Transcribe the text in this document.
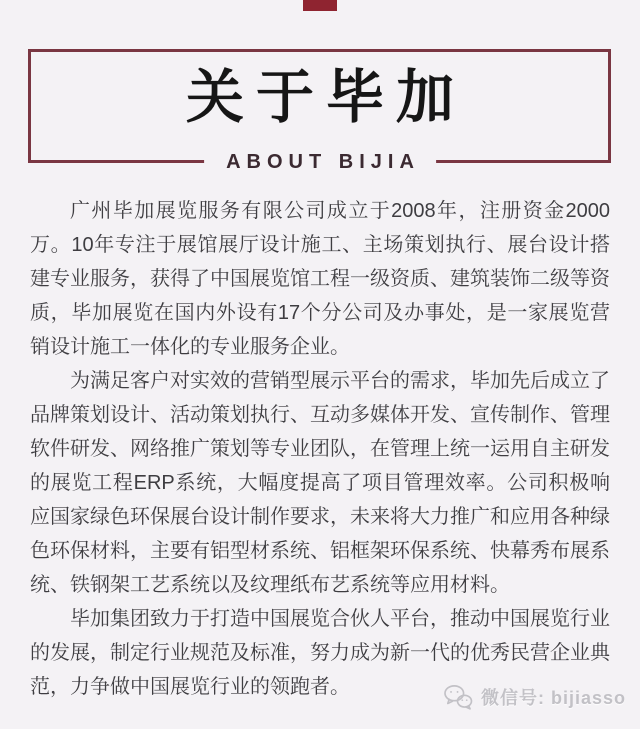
关于毕加
ABOUT BIJIA

广州毕加展览服务有限公司成立于2008年，注册资金2000万。10年专注于展馆展厅设计施工、主场策划执行、展台设计搭建专业服务，获得了中国展览馆工程一级资质、建筑装饰二级等资质，毕加展览在国内外设有17个分公司及办事处，是一家展览营销设计施工一体化的专业服务企业。

为满足客户对实效的营销型展示平台的需求，毕加先后成立了品牌策划设计、活动策划执行、互动多媒体开发、宣传制作、管理软件研发、网络推广策划等专业团队，在管理上统一运用自主研发的展览工程ERP系统，大幅度提高了项目管理效率。公司积极响应国家绿色环保展台设计制作要求，未来将大力推广和应用各种绿色环保材料，主要有铝型材系统、铝框架环保系统、快幕秀布展系统、铁钢架工艺系统以及纹理纸布艺系统等应用材料。

毕加集团致力于打造中国展览合伙人平台，推动中国展览行业的发展，制定行业规范及标准，努力成为新一代的优秀民营企业典范，力争做中国展览行业的领跑者。	微信号: bijiasso
